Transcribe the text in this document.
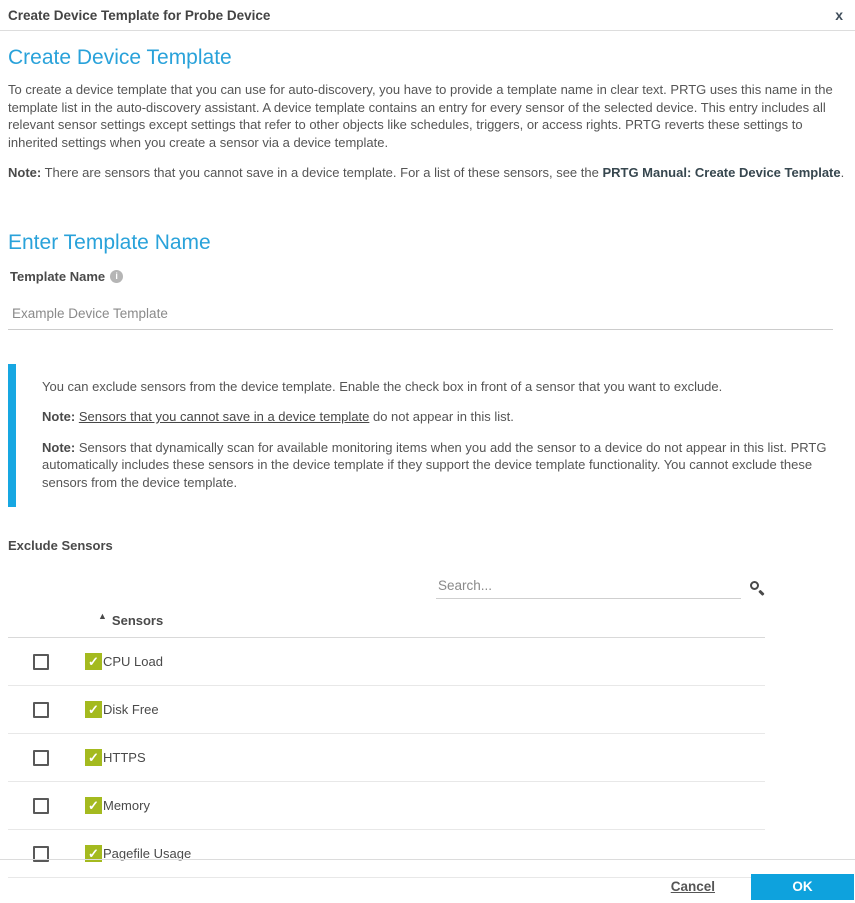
Create Device Template for Probe Device	x
Create Device Template

To create a device template that you can use for auto-discovery, you have to provide a template name in clear text. PRTG uses this name in the template list in the auto-discovery assistant. A device template contains an entry for every sensor of the selected device. This entry includes all relevant sensor settings except settings that refer to other objects like schedules, triggers, or access rights. PRTG reverts these settings to inherited settings when you create a sensor via a device template.

Note: There are sensors that you cannot save in a device template. For a list of these sensors, see the PRTG Manual: Create Device Template.

Enter Template Name
Template Name	i
Example Device Template

You can exclude sensors from the device template. Enable the check box in front of a sensor that you want to exclude.

Note: Sensors that you cannot save in a device template do not appear in this list.

Note: Sensors that dynamically scan for available monitoring items when you add the sensor to a device do not appear in this list. PRTG automatically includes these sensors in the device template if they support the device template functionality. You cannot exclude these sensors from the device template.

Exclude Sensors
Search...
▲ Sensors
✓ CPU Load
✓ Disk Free
✓ HTTPS
✓ Memory
✓ Pagefile Usage
Cancel	OK
